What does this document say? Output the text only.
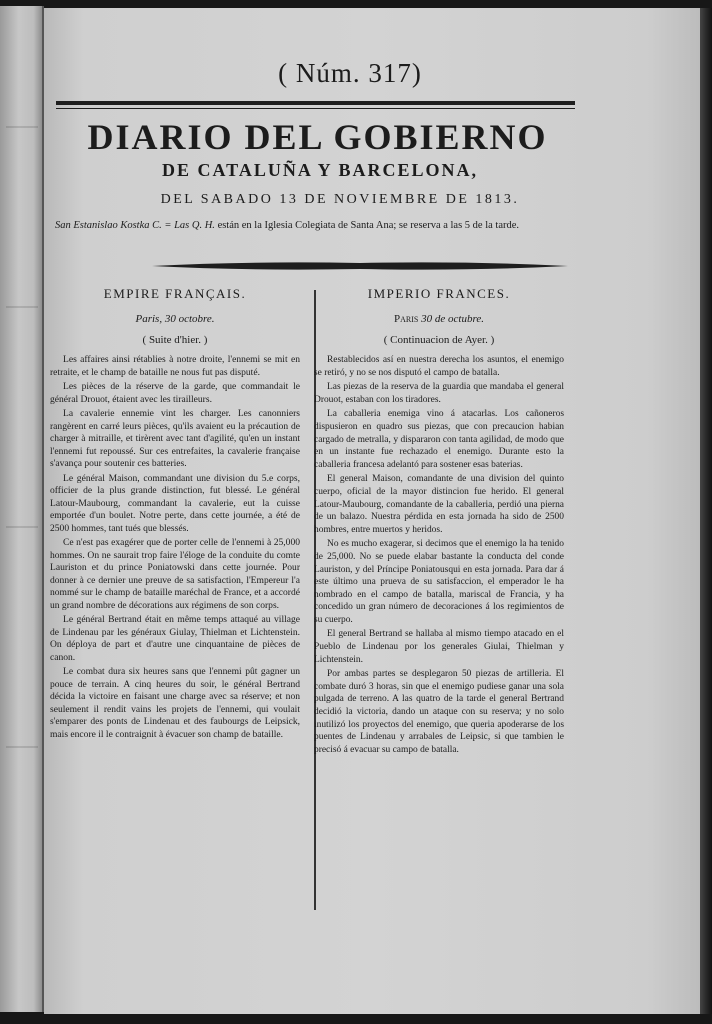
( Núm. 317)
DIARIO DEL GOBIERNO
DE CATALUÑA Y BARCELONA,
DEL SABADO 13 DE NOVIEMBRE DE 1813.
San Estanislao Kostka C. = Las Q. H. están en la Iglesia Colegiata de Santa Ana; se reserva a las 5 de la tarde.
EMPIRE FRANÇAIS.
Paris, 30 octobre.
( Suite d'hier. )

Les affaires ainsi rétablies à notre droite, l'ennemi se mit en retraite, et le champ de bataille ne nous fut pas disputé.

Les pièces de la réserve de la garde, que commandait le général Drouot, étaient avec les tirailleurs.

La cavalerie ennemie vint les charger. Les canonniers rangèrent en carré leurs pièces, qu'ils avaient eu la précaution de charger à mitraille, et tirèrent avec tant d'agilité, qu'en un instant l'ennemi fut repoussé. Sur ces entrefaites, la cavalerie française s'avança pour soutenir ces batteries.

Le général Maison, commandant une division du 5.e corps, officier de la plus grande distinction, fut blessé. Le général Latour-Maubourg, commandant la cavalerie, eut la cuisse emportée d'un boulet. Notre perte, dans cette journée, a été de 2500 hommes, tant tués que blessés.

Ce n'est pas exagérer que de porter celle de l'ennemi à 25,000 hommes. On ne saurait trop faire l'éloge de la conduite du comte Lauriston et du prince Poniatowski dans cette journée. Pour donner à ce dernier une preuve de sa satisfaction, l'Empereur l'a nommé sur le champ de bataille maréchal de France, et a accordé un grand nombre de décorations aux régimens de son corps.

Le général Bertrand était en même temps attaqué au village de Lindenau par les généraux Giulay, Thielman et Lichtenstein. On déploya de part et d'autre une cinquantaine de pièces de canon.

Le combat dura six heures sans que l'ennemi pût gagner un pouce de terrain. A cinq heures du soir, le général Bertrand décida la victoire en faisant une charge avec sa réserve; et non seulement il rendit vains les projets de l'ennemi, qui voulait s'emparer des ponts de Lindenau et des faubourgs de Leipsick, mais encore il le contraignit à évacuer son champ de bataille.

IMPERIO FRANCES.
Paris 30 de octubre.
( Continuacion de Ayer. )

Restablecidos así en nuestra derecha los asuntos, el enemigo se retiró, y no se nos disputó el campo de batalla.

Las piezas de la reserva de la guardia que mandaba el general Drouot, estaban con los tiradores.

La caballeria enemiga vino á atacarlas. Los cañoneros dispusieron en quadro sus piezas, que con precaucion habian cargado de metralla, y dispararon con tanta agilidad, de modo que en un instante fue rechazado el enemigo. Durante esto la caballeria francesa adelantó para sostener esas baterias.

El general Maison, comandante de una division del quinto cuerpo, oficial de la mayor distincion fue herido. El general Latour-Maubourg, comandante de la caballeria, perdió una pierna de un balazo. Nuestra pérdida en esta jornada ha sido de 2500 hombres, entre muertos y heridos.

No es mucho exagerar, si decimos que el enemigo la ha tenido de 25,000. No se puede elabar bastante la conducta del conde Lauriston, y del Príncipe Poniatousqui en esta jornada. Para dar á este último una prueva de su satisfaccion, el emperador le ha nombrado en el campo de batalla, mariscal de Francia, y ha concedido un gran número de decoraciones á los regimientos de su cuerpo.

El general Bertrand se hallaba al mismo tiempo atacado en el Pueblo de Lindenau por los generales Giulai, Thielman y Lichtenstein.

Por ambas partes se desplegaron 50 piezas de artilleria. El combate duró 3 horas, sin que el enemigo pudiese ganar una sola pulgada de terreno. A las quatro de la tarde el general Bertrand decidió la victoria, dando un ataque con su reserva; y no solo inutilizó los proyectos del enemigo, que queria apoderarse de los puentes de Lindenau y arrabales de Leipsic, si que tambien le precisó á evacuar su campo de batalla.
